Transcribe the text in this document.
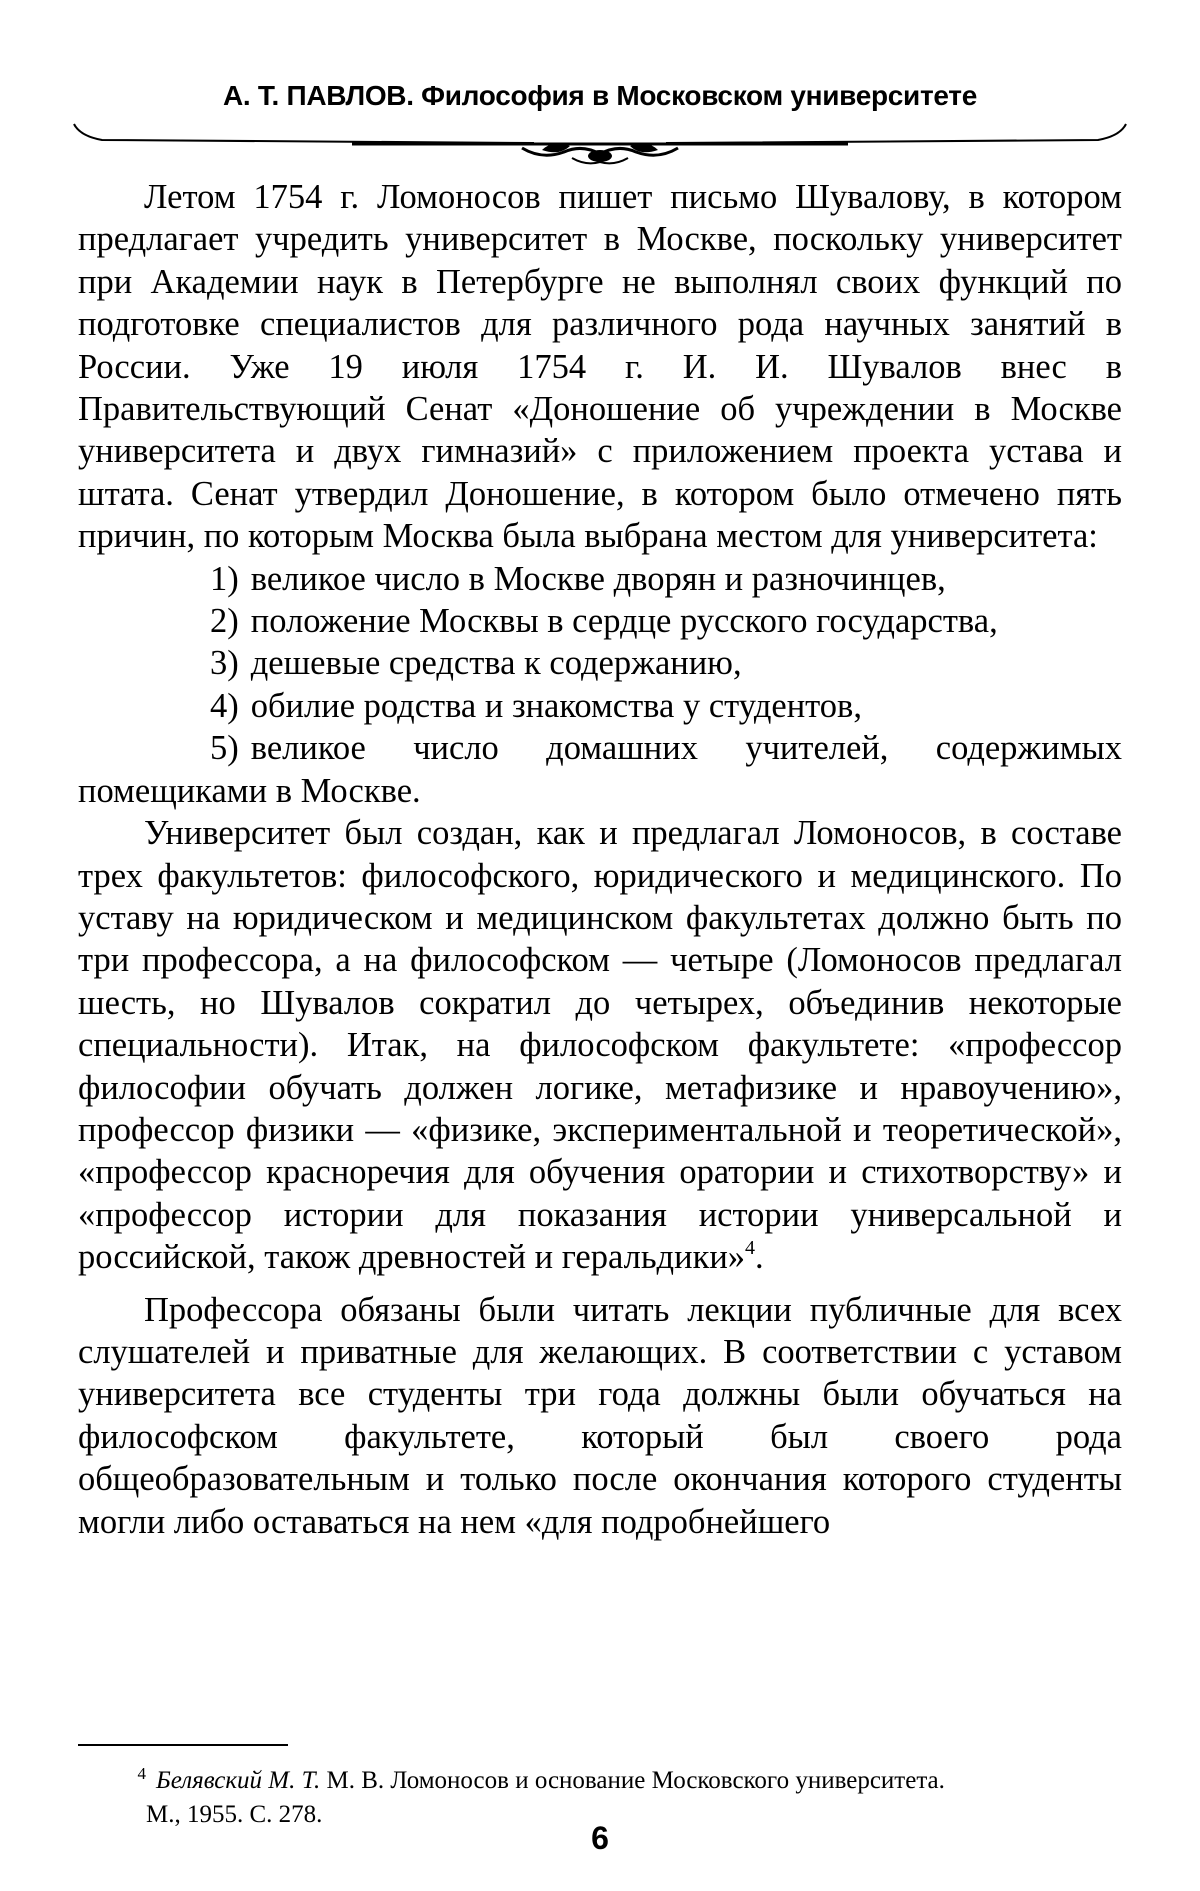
А. Т. ПАВЛОВ. Философия в Московском университете

Летом 1754 г. Ломоносов пишет письмо Шувалову, в котором предлагает учредить университет в Москве, поскольку университет при Академии наук в Петербурге не выполнял своих функций по подготовке специалистов для различного рода научных занятий в России. Уже 19 июля 1754 г. И. И. Шувалов внес в Правительствующий Сенат «Доношение об учреждении в Москве университета и двух гимназий» с приложением проекта устава и штата. Сенат утвердил Доношение, в котором было отмечено пять причин, по которым Москва была выбрана местом для университета:

1) великое число в Москве дворян и разночинцев,
2) положение Москвы в сердце русского государства,
3) дешевые средства к содержанию,
4) обилие родства и знакомства у студентов,
5) великое число домашних учителей, содержимых помещиками в Москве.

Университет был создан, как и предлагал Ломоносов, в составе трех факультетов: философского, юридического и медицинского. По уставу на юридическом и медицинском факультетах должно быть по три профессора, а на философском — четыре (Ломоносов предлагал шесть, но Шувалов сократил до четырех, объединив некоторые специальности). Итак, на философском факультете: «профессор философии обучать должен логике, метафизике и нравоучению», профессор физики — «физике, экспериментальной и теоретической», «профессор красноречия для обучения оратории и стихотворству» и «профессор истории для показания истории универсальной и российской, також древностей и геральдики»$^4$.

Профессора обязаны были читать лекции публичные для всех слушателей и приватные для желающих. В соответствии с уставом университета все студенты три года должны были обучаться на философском факультете, который был своего рода общеобразовательным и только после окончания которого студенты могли либо оставаться на нем «для подробнейшего

4 Белявский М. Т. М. В. Ломоносов и основание Московского университета.
М., 1955. С. 278.
6
